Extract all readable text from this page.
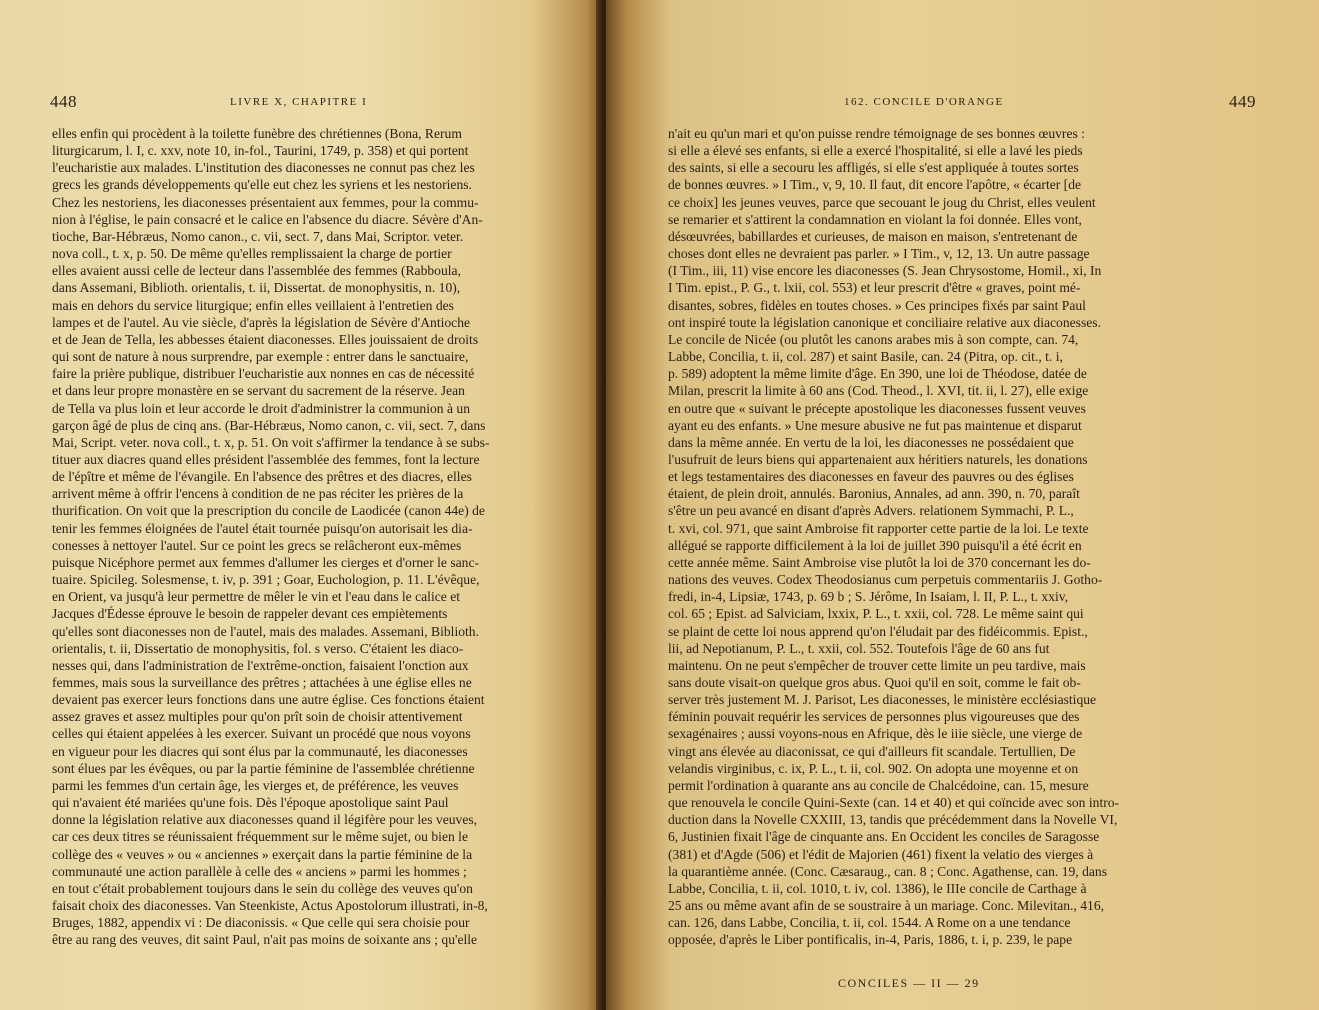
448	LIVRE X, CHAPITRE I
elles enfin qui procèdent à la toilette funèbre des chrétiennes (Bona, Rerum
liturgicarum, l. I, c. xxv, note 10, in-fol., Taurini, 1749, p. 358) et qui portent
l'eucharistie aux malades. L'institution des diaconesses ne connut pas chez les
grecs les grands développements qu'elle eut chez les syriens et les nestoriens.
Chez les nestoriens, les diaconesses présentaient aux femmes, pour la commu-
nion à l'église, le pain consacré et le calice en l'absence du diacre. Sévère d'An-
tioche, Bar-Hébræus, Nomo canon., c. vii, sect. 7, dans Mai, Scriptor. veter.
nova coll., t. x, p. 50. De même qu'elles remplissaient la charge de portier
elles avaient aussi celle de lecteur dans l'assemblée des femmes (Rabboula,
dans Assemani, Biblioth. orientalis, t. ii, Dissertat. de monophysitis, n. 10),
mais en dehors du service liturgique; enfin elles veillaient à l'entretien des
lampes et de l'autel. Au vie siècle, d'après la législation de Sévère d'Antioche
et de Jean de Tella, les abbesses étaient diaconesses. Elles jouissaient de droits
qui sont de nature à nous surprendre, par exemple : entrer dans le sanctuaire,
faire la prière publique, distribuer l'eucharistie aux nonnes en cas de nécessité
et dans leur propre monastère en se servant du sacrement de la réserve. Jean
de Tella va plus loin et leur accorde le droit d'administrer la communion à un
garçon âgé de plus de cinq ans. (Bar-Hébræus, Nomo canon, c. vii, sect. 7, dans
Mai, Script. veter. nova coll., t. x, p. 51. On voit s'affirmer la tendance à se subs-
tituer aux diacres quand elles président l'assemblée des femmes, font la lecture
de l'épître et même de l'évangile. En l'absence des prêtres et des diacres, elles
arrivent même à offrir l'encens à condition de ne pas réciter les prières de la
thurification. On voit que la prescription du concile de Laodicée (canon 44e) de
tenir les femmes éloignées de l'autel était tournée puisqu'on autorisait les dia-
conesses à nettoyer l'autel. Sur ce point les grecs se relâcheront eux-mêmes
puisque Nicéphore permet aux femmes d'allumer les cierges et d'orner le sanc-
tuaire. Spicileg. Solesmense, t. iv, p. 391 ; Goar, Euchologion, p. 11. L'évêque,
en Orient, va jusqu'à leur permettre de mêler le vin et l'eau dans le calice et
Jacques d'Édesse éprouve le besoin de rappeler devant ces empiètements
qu'elles sont diaconesses non de l'autel, mais des malades. Assemani, Biblioth.
orientalis, t. ii, Dissertatio de monophysitis, fol. s verso. C'étaient les diaco-
nesses qui, dans l'administration de l'extrême-onction, faisaient l'onction aux
femmes, mais sous la surveillance des prêtres ; attachées à une église elles ne
devaient pas exercer leurs fonctions dans une autre église. Ces fonctions étaient
assez graves et assez multiples pour qu'on prît soin de choisir attentivement
celles qui étaient appelées à les exercer. Suivant un procédé que nous voyons
en vigueur pour les diacres qui sont élus par la communauté, les diaconesses
sont élues par les évêques, ou par la partie féminine de l'assemblée chrétienne
parmi les femmes d'un certain âge, les vierges et, de préférence, les veuves
qui n'avaient été mariées qu'une fois. Dès l'époque apostolique saint Paul
donne la législation relative aux diaconesses quand il légifère pour les veuves,
car ces deux titres se réunissaient fréquemment sur le même sujet, ou bien le
collège des « veuves » ou « anciennes » exerçait dans la partie féminine de la
communauté une action parallèle à celle des « anciens » parmi les hommes ;
en tout c'était probablement toujours dans le sein du collège des veuves qu'on
faisait choix des diaconesses. Van Steenkiste, Actus Apostolorum illustrati, in-8,
Bruges, 1882, appendix vi : De diaconissis. « Que celle qui sera choisie pour
être au rang des veuves, dit saint Paul, n'ait pas moins de soixante ans ; qu'elle
162. CONCILE D'ORANGE	449
n'ait eu qu'un mari et qu'on puisse rendre témoignage de ses bonnes œuvres :
si elle a élevé ses enfants, si elle a exercé l'hospitalité, si elle a lavé les pieds
des saints, si elle a secouru les affligés, si elle s'est appliquée à toutes sortes
de bonnes œuvres. » I Tim., v, 9, 10. Il faut, dit encore l'apôtre, « écarter [de
ce choix] les jeunes veuves, parce que secouant le joug du Christ, elles veulent
se remarier et s'attirent la condamnation en violant la foi donnée. Elles vont,
désœuvrées, babillardes et curieuses, de maison en maison, s'entretenant de
choses dont elles ne devraient pas parler. » I Tim., v, 12, 13. Un autre passage
(I Tim., iii, 11) vise encore les diaconesses (S. Jean Chrysostome, Homil., xi, In
I Tim. epist., P. G., t. lxii, col. 553) et leur prescrit d'être « graves, point mé-
disantes, sobres, fidèles en toutes choses. » Ces principes fixés par saint Paul
ont inspiré toute la législation canonique et conciliaire relative aux diaconesses.
Le concile de Nicée (ou plutôt les canons arabes mis à son compte, can. 74,
Labbe, Concilia, t. ii, col. 287) et saint Basile, can. 24 (Pitra, op. cit., t. i,
p. 589) adoptent la même limite d'âge. En 390, une loi de Théodose, datée de
Milan, prescrit la limite à 60 ans (Cod. Theod., l. XVI, tit. ii, l. 27), elle exige
en outre que « suivant le précepte apostolique les diaconesses fussent veuves
ayant eu des enfants. » Une mesure abusive ne fut pas maintenue et disparut
dans la même année. En vertu de la loi, les diaconesses ne possédaient que
l'usufruit de leurs biens qui appartenaient aux héritiers naturels, les donations
et legs testamentaires des diaconesses en faveur des pauvres ou des églises
étaient, de plein droit, annulés. Baronius, Annales, ad ann. 390, n. 70, paraît
s'être un peu avancé en disant d'après Advers. relationem Symmachi, P. L.,
t. xvi, col. 971, que saint Ambroise fit rapporter cette partie de la loi. Le texte
allégué se rapporte difficilement à la loi de juillet 390 puisqu'il a été écrit en
cette année même. Saint Ambroise vise plutôt la loi de 370 concernant les do-
nations des veuves. Codex Theodosianus cum perpetuis commentariis J. Gotho-
fredi, in-4, Lipsiæ, 1743, p. 69 b ; S. Jérôme, In Isaiam, l. II, P. L., t. xxiv,
col. 65 ; Epist. ad Salviciam, lxxix, P. L., t. xxii, col. 728. Le même saint qui
se plaint de cette loi nous apprend qu'on l'éludait par des fidéicommis. Epist.,
lii, ad Nepotianum, P. L., t. xxii, col. 552. Toutefois l'âge de 60 ans fut
maintenu. On ne peut s'empêcher de trouver cette limite un peu tardive, mais
sans doute visait-on quelque gros abus. Quoi qu'il en soit, comme le fait ob-
server très justement M. J. Parisot, Les diaconesses, le ministère ecclésiastique
féminin pouvait requérir les services de personnes plus vigoureuses que des
sexagénaires ; aussi voyons-nous en Afrique, dès le iiie siècle, une vierge de
vingt ans élevée au diaconissat, ce qui d'ailleurs fit scandale. Tertullien, De
velandis virginibus, c. ix, P. L., t. ii, col. 902. On adopta une moyenne et on
permit l'ordination à quarante ans au concile de Chalcédoine, can. 15, mesure
que renouvela le concile Quini-Sexte (can. 14 et 40) et qui coïncide avec son intro-
duction dans la Novelle CXXIII, 13, tandis que précédemment dans la Novelle VI,
6, Justinien fixait l'âge de cinquante ans. En Occident les conciles de Saragosse
(381) et d'Agde (506) et l'édit de Majorien (461) fixent la velatio des vierges à
la quarantième année. (Conc. Cæsaraug., can. 8 ; Conc. Agathense, can. 19, dans
Labbe, Concilia, t. ii, col. 1010, t. iv, col. 1386), le IIIe concile de Carthage à
25 ans ou même avant afin de se soustraire à un mariage. Conc. Milevitan., 416,
can. 126, dans Labbe, Concilia, t. ii, col. 1544. A Rome on a une tendance
opposée, d'après le Liber pontificalis, in-4, Paris, 1886, t. i, p. 239, le pape
CONCILES — II — 29
